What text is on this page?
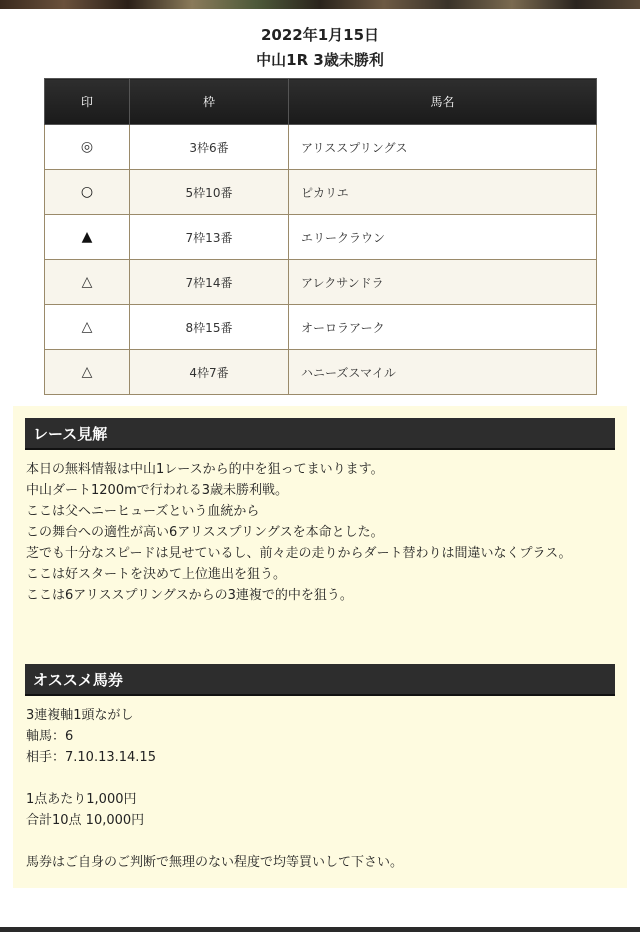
2022年1月15日
中山1R 3歳未勝利
印	枠	馬名
◎	3枠6番	アリススプリングス
○	5枠10番	ピカリエ
▲	7枠13番	エリークラウン
△	7枠14番	アレクサンドラ
△	8枠15番	オーロラアーク
△	4枠7番	ハニーズスマイル
レース見解
本日の無料情報は中山1レースから的中を狙ってまいります。
中山ダート1200mで行われる3歳未勝利戦。
ここは父ヘニーヒューズという血統から
この舞台への適性が高い6アリススプリングスを本命とした。
芝でも十分なスピードは見せているし、前々走の走りからダート替わりは間違いなくプラス。
ここは好スタートを決めて上位進出を狙う。
ここは6アリススプリングスからの3連複で的中を狙う。
オススメ馬券
3連複軸1頭ながし
軸馬：6
相手：7.10.13.14.15
1点あたり1,000円
合計10点 10,000円
馬券はご自身のご判断で無理のない程度で均等買いして下さい。
